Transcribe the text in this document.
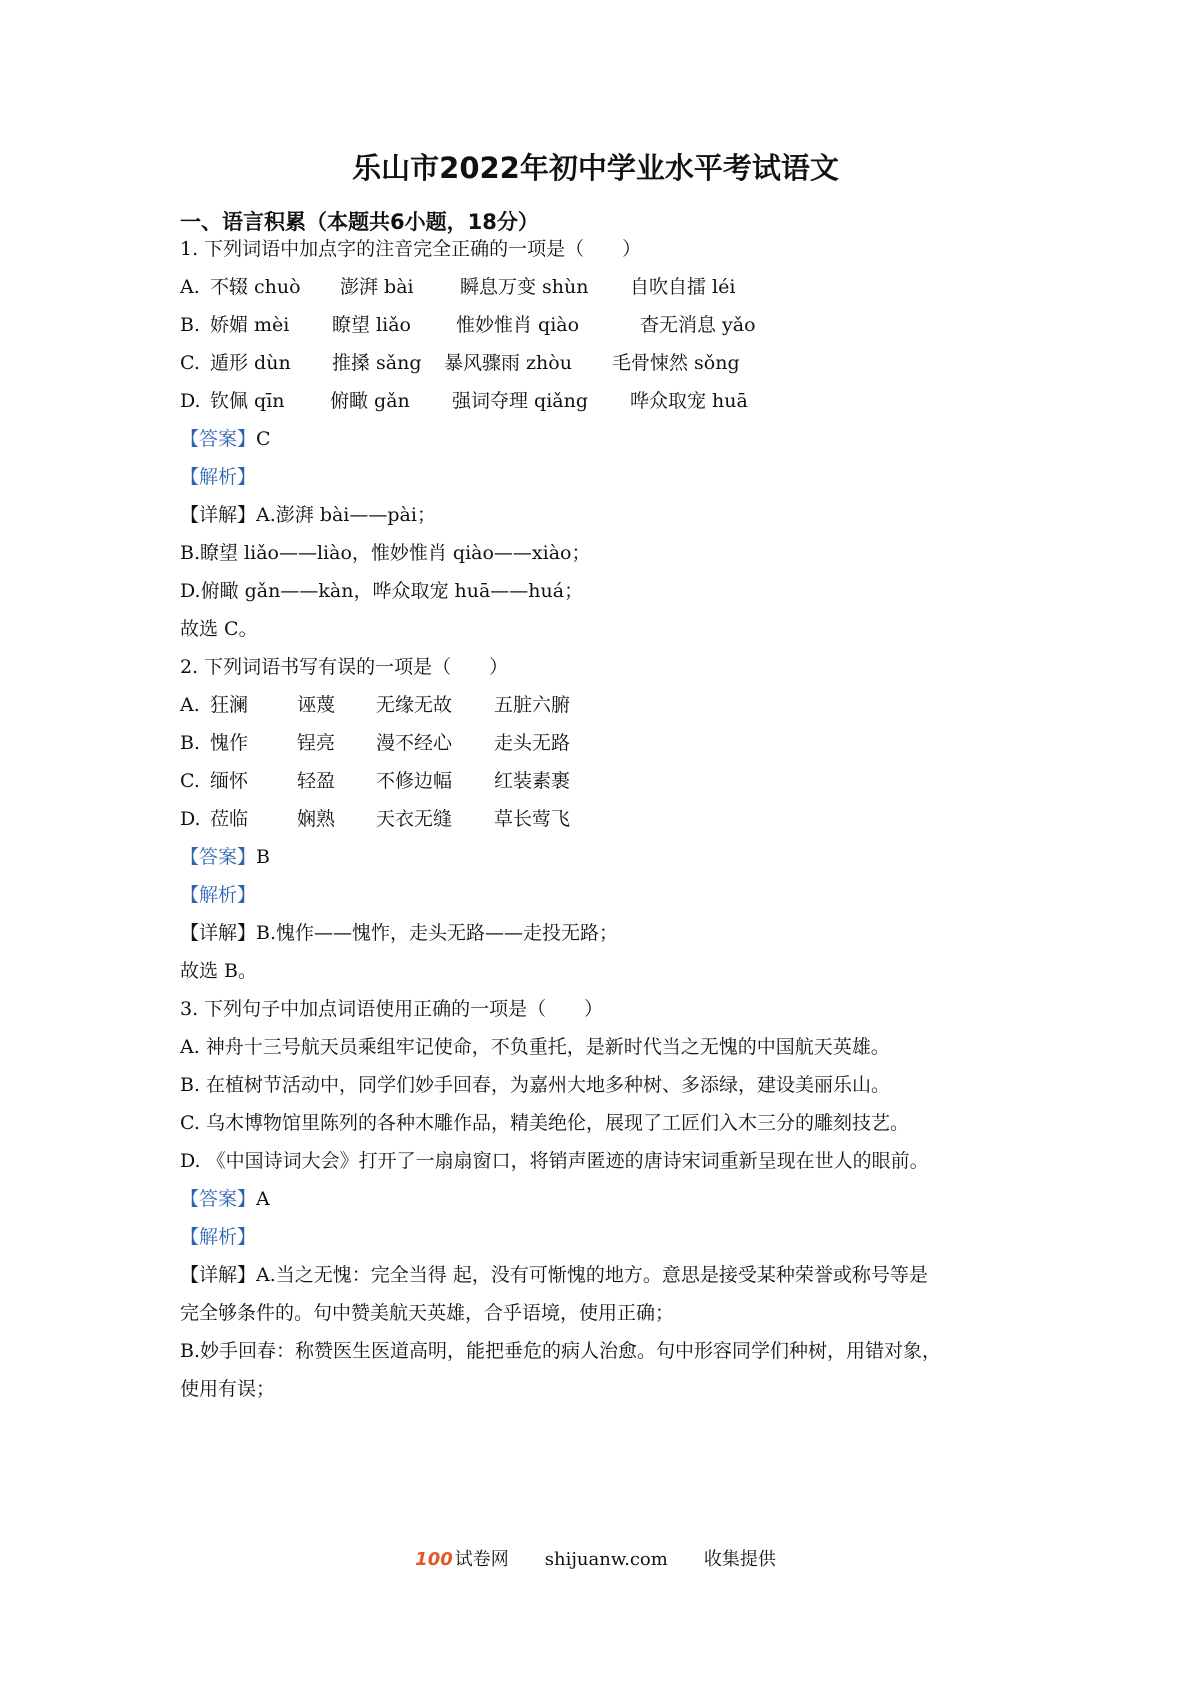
乐山市2022年初中学业水平考试语文
一、语言积累（本题共6小题，18分）
1. 下列词语中加点字的注音完全正确的一项是（　　）
A. 不辍 chuò 澎湃 bài 瞬息万变 shùn 自吹自擂 léi
B. 娇媚 mèi 瞭望 liǎo 惟妙惟肖 qiào	杳无消息 yǎo
C. 遁形 dùn 推搡 sǎng 暴风骤雨 zhòu 毛骨悚然 sǒng
D. 钦佩 qīn 俯瞰 gǎn 强词夺理 qiǎng 哗众取宠 huā
【答案】C
【解析】
【详解】A.澎湃 bài——pài；
B.瞭望 liǎo——liào，惟妙惟肖 qiào——xiào；
D.俯瞰 gǎn——kàn，哗众取宠 huā——huá；
故选 C。
2. 下列词语书写有误的一项是（　　）
A. 狂澜	诬蔑 无缘无故 五脏六腑
B. 愧作	锃亮 漫不经心 走头无路
C. 缅怀	轻盈 不修边幅 红装素裹
D. 莅临	娴熟 天衣无缝 草长莺飞
【答案】B
【解析】
【详解】B.愧作——愧怍，走头无路——走投无路；
故选 B。
3. 下列句子中加点词语使用正确的一项是（　　）
A. 神舟十三号航天员乘组牢记使命，不负重托，是新时代当之无愧的中国航天英雄。
B. 在植树节活动中，同学们妙手回春，为嘉州大地多种树、多添绿，建设美丽乐山。
C. 乌木博物馆里陈列的各种木雕作品，精美绝伦，展现了工匠们入木三分的雕刻技艺。
D. 《中国诗词大会》打开了一扇扇窗口，将销声匿迹的唐诗宋词重新呈现在世人的眼前。
【答案】A
【解析】
【详解】A.当之无愧：完全当得 起，没有可惭愧的地方。意思是接受某种荣誉或称号等是
完全够条件的。句中赞美航天英雄，合乎语境，使用正确；
B.妙手回春：称赞医生医道高明，能把垂危的病人治愈。句中形容同学们种树，用错对象，
使用有误；
100 试卷网 shijuanw.com 收集提供
